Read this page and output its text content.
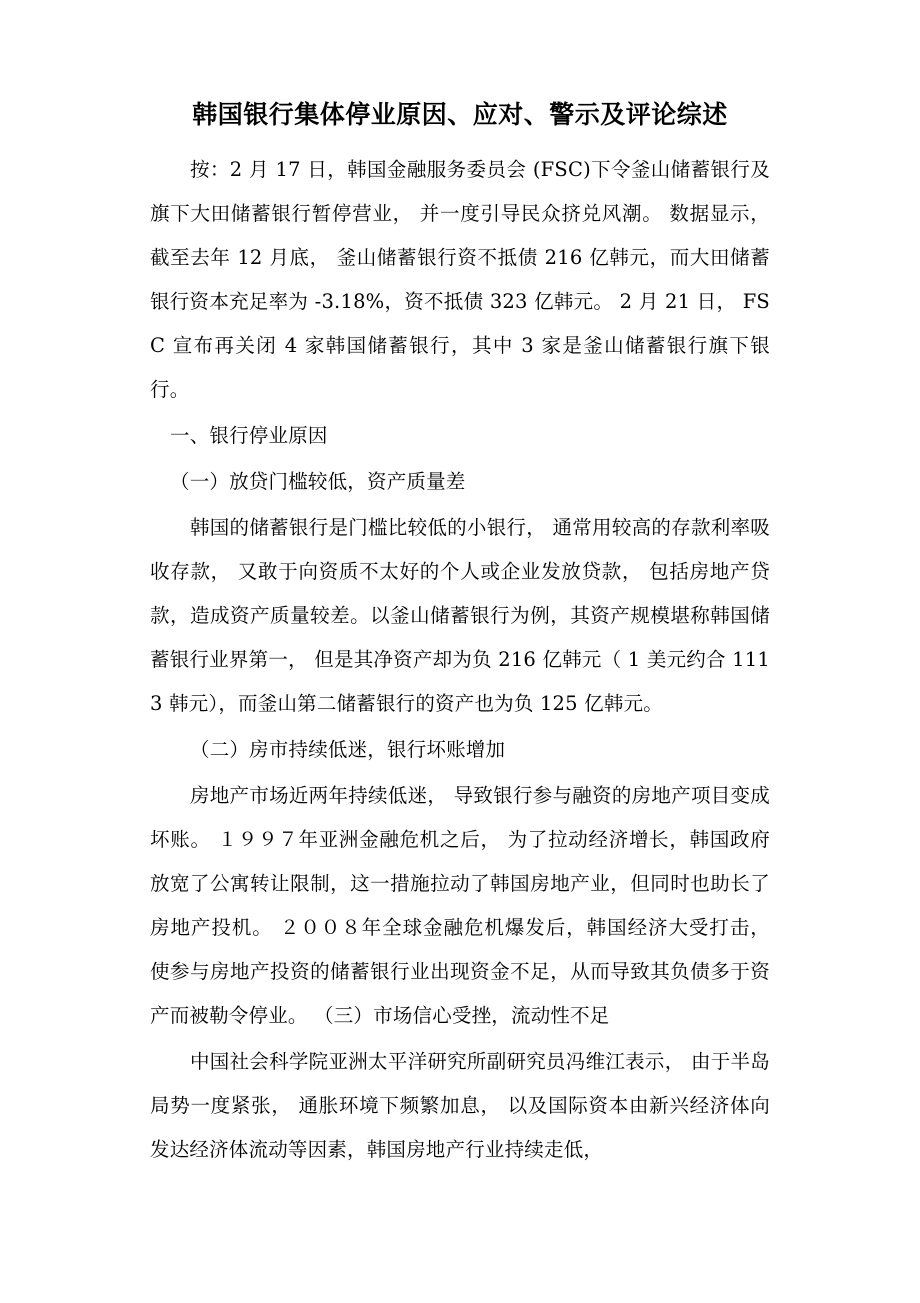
韩国银行集体停业原因、应对、警示及评论综述

按：2 月 17 日，韩国金融服务委员会 (FSC)下令釜山储蓄银行及旗下大田储蓄银行暂停营业， 并一度引导民众挤兑风潮。 数据显示， 截至去年 12 月底， 釜山储蓄银行资不抵债 216 亿韩元，而大田储蓄银行资本充足率为 -3.18%，资不抵债 323 亿韩元。 2 月 21 日， FSC 宣布再关闭 4 家韩国储蓄银行，其中 3 家是釜山储蓄银行旗下银行。

一、银行停业原因

（一）放贷门槛较低，资产质量差

韩国的储蓄银行是门槛比较低的小银行， 通常用较高的存款利率吸收存款， 又敢于向资质不太好的个人或企业发放贷款， 包括房地产贷款，造成资产质量较差。以釜山储蓄银行为例，其资产规模堪称韩国储蓄银行业界第一， 但是其净资产却为负 216 亿韩元（ 1 美元约合 1113 韩元），而釜山第二储蓄银行的资产也为负 125 亿韩元。

（二）房市持续低迷，银行坏账增加

房地产市场近两年持续低迷， 导致银行参与融资的房地产项目变成坏账。 １９９７年亚洲金融危机之后， 为了拉动经济增长，韩国政府放宽了公寓转让限制，这一措施拉动了韩国房地产业，但同时也助长了房地产投机。 ２００８年全球金融危机爆发后，韩国经济大受打击， 使参与房地产投资的储蓄银行业出现资金不足，从而导致其负债多于资产而被勒令停业。 （三）市场信心受挫，流动性不足

中国社会科学院亚洲太平洋研究所副研究员冯维江表示， 由于半岛局势一度紧张， 通胀环境下频繁加息， 以及国际资本由新兴经济体向发达经济体流动等因素，韩国房地产行业持续走低，
